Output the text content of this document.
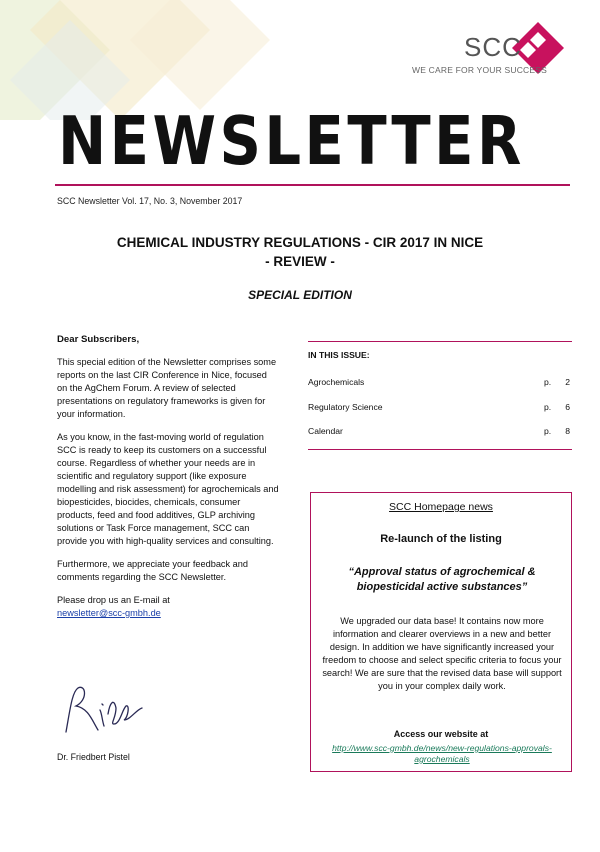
SCC
WE CARE FOR YOUR SUCCESS
NEWSLETTER
SCC Newsletter Vol. 17, No. 3, November 2017
CHEMICAL INDUSTRY REGULATIONS - CIR 2017 IN NICE
- REVIEW -
SPECIAL EDITION
Dear Subscribers,

This special edition of the Newsletter comprises some reports on the last CIR Conference in Nice, focused on the AgChem Forum. A review of selected presentations on regulatory frameworks is given for your information.

As you know, in the fast-moving world of regulation SCC is ready to keep its customers on a successful course. Regardless of whether your needs are in scientific and regulatory support (like exposure modelling and risk assessment) for agrochemicals and biopesticides, biocides, chemicals, consumer products, feed and food additives, GLP archiving solutions or Task Force management, SCC can provide you with high-quality services and consulting.

Furthermore, we appreciate your feedback and comments regarding the SCC Newsletter.

Please drop us an E-mail at

newsletter@scc-gmbh.de
Dr. Friedbert Pistel
IN THIS ISSUE:
Agrochemicals	p.	2
Regulatory Science	p.	6
Calendar	p.	8
SCC Homepage news
Re-launch of the listing
“Approval status of agrochemical & biopesticidal active substances”
We upgraded our data base! It contains now more information and clearer overviews in a new and better design. In addition we have significantly increased your freedom to choose and select specific criteria to focus your search! We are sure that the revised data base will support you in your complex daily work.
Access our website at
http://www.scc-gmbh.de/news/new-regulations-approvals-agrochemicals
